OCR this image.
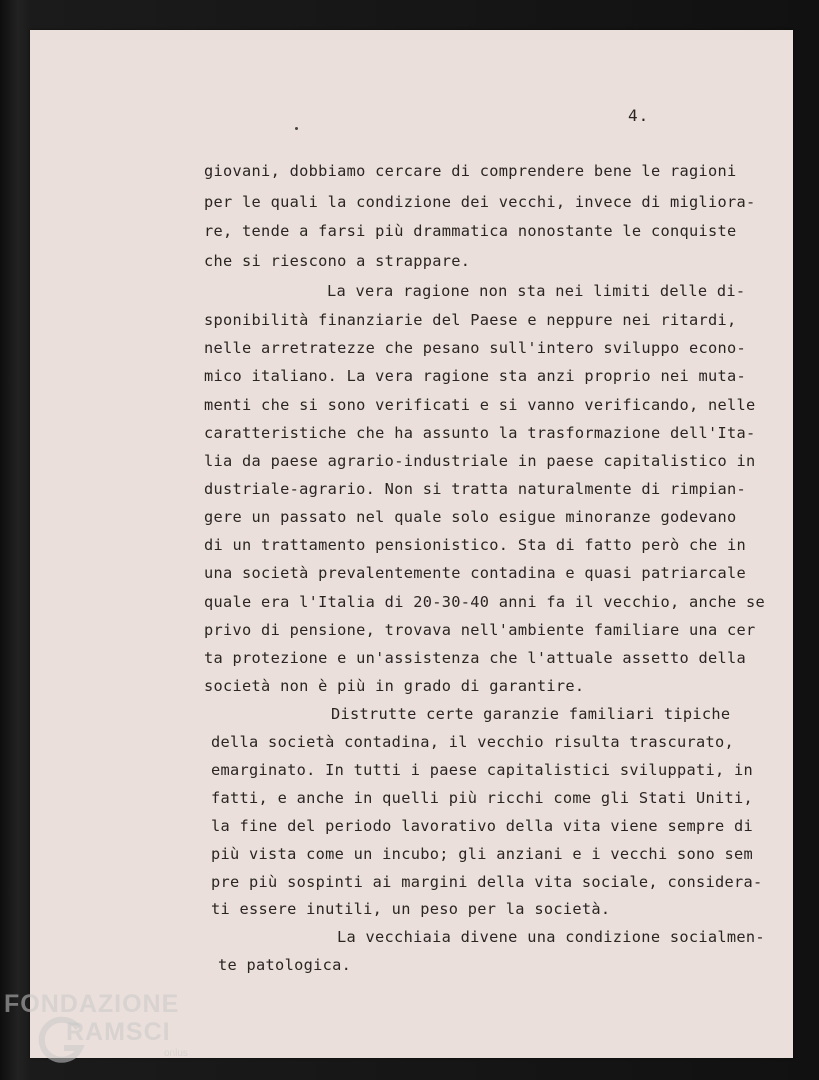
4.
giovani, dobbiamo cercare di comprendere bene le ragioni
per le quali la condizione dei vecchi, invece di migliora-
re, tende a farsi più drammatica nonostante le conquiste
che si riescono a strappare.
La vera ragione non sta nei limiti delle di-
sponibilità finanziarie del Paese e neppure nei ritardi,
nelle arretratezze che pesano sull'intero sviluppo econo-
mico italiano. La vera ragione sta anzi proprio nei muta-
menti che si sono verificati e si vanno verificando, nelle
caratteristiche che ha assunto la trasformazione dell'Ita-
lia da paese agrario-industriale in paese capitalistico in
dustriale-agrario. Non si tratta naturalmente di rimpian-
gere un passato nel quale solo esigue minoranze godevano
di un trattamento pensionistico. Sta di fatto però che in
una società prevalentemente contadina e quasi patriarcale
quale era l'Italia di 20-30-40 anni fa il vecchio, anche se
privo di pensione, trovava nell'ambiente familiare una cer
ta protezione e un'assistenza che l'attuale assetto della
società non è più in grado di garantire.
Distrutte certe garanzie familiari tipiche
della società contadina, il vecchio risulta trascurato,
emarginato. In tutti i paese capitalistici sviluppati, in
fatti, e anche in quelli più ricchi come gli Stati Uniti,
la fine del periodo lavorativo della vita viene sempre di
più vista come un incubo; gli anziani e i vecchi sono sem
pre più sospinti ai margini della vita sociale, considera-
ti essere inutili, un peso per la società.
La vecchiaia divene una condizione socialmen-
te patologica.
FONDAZIONE
RAMSCI
onlus
